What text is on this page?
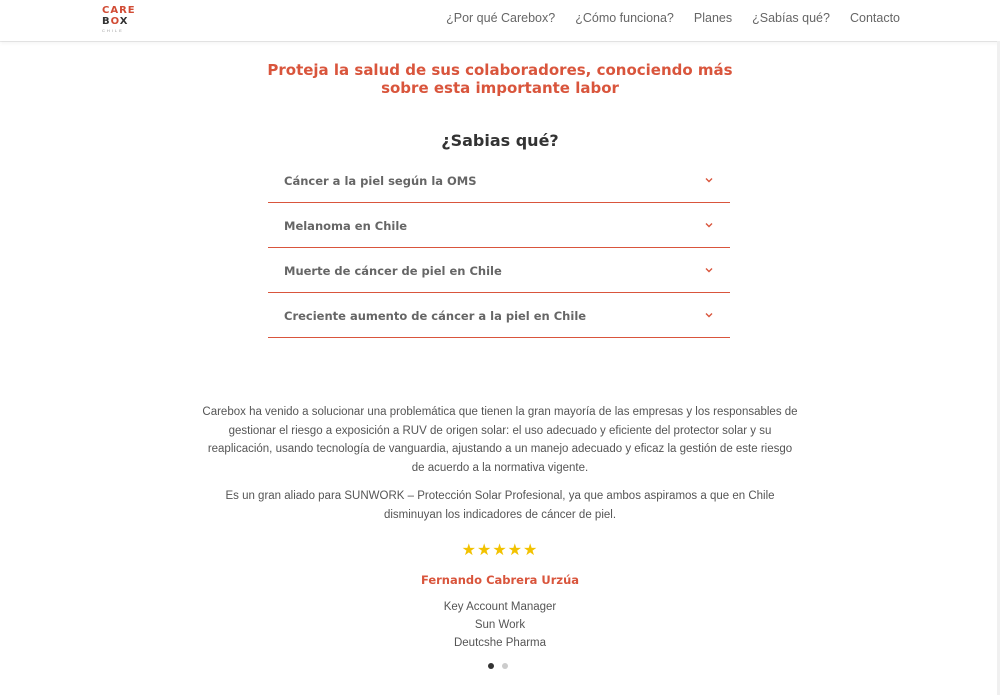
CARE
BOX
CHILE
¿Por qué Carebox? ¿Cómo funciona? Planes ¿Sabías qué? Contacto
Proteja la salud de sus colaboradores, conociendo más sobre esta importante labor
¿Sabias qué?
Cáncer a la piel según la OMS
Melanoma en Chile
Muerte de cáncer de piel en Chile
Creciente aumento de cáncer a la piel en Chile

Carebox ha venido a solucionar una problemática que tienen la gran mayoría de las empresas y los responsables de gestionar el riesgo a exposición a RUV de origen solar: el uso adecuado y eficiente del protector solar y su reaplicación, usando tecnología de vanguardia, ajustando a un manejo adecuado y eficaz la gestión de este riesgo de acuerdo a la normativa vigente.

Es un gran aliado para SUNWORK – Protección Solar Profesional, ya que ambos aspiramos a que en Chile disminuyan los indicadores de cáncer de piel.

★★★★★
Fernando Cabrera Urzúa
Key Account Manager
Sun Work
Deutcshe Pharma
